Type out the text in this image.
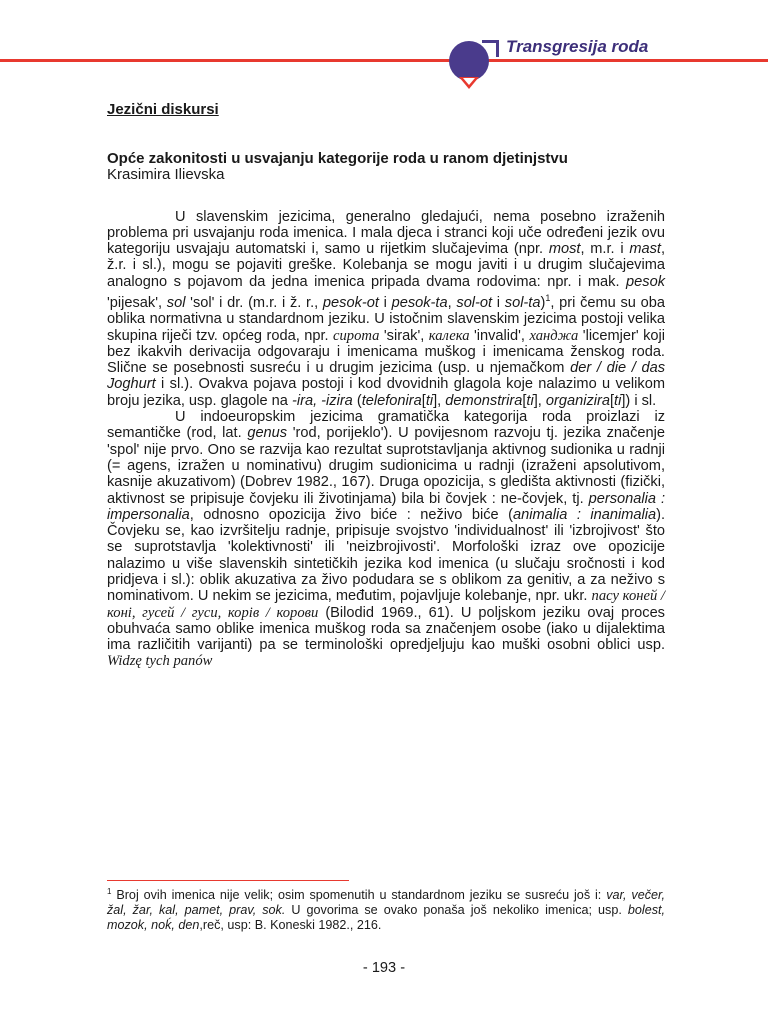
Transgresija roda

Jezični diskursi

Opće zakonitosti u usvajanju kategorije roda u ranom djetinjstvu

Krasimira Ilievska

U slavenskim jezicima, generalno gledajući, nema posebno izraženih problema pri usvajanju roda imenica. I mala djeca i stranci koji uče određeni jezik ovu kategoriju usvajaju automatski i, samo u rijetkim slučajevima (npr. most, m.r. i mast, ž.r. i sl.), mogu se pojaviti greške. Kolebanja se mogu javiti i u drugim slučajevima analogno s pojavom da jedna imenica pripada dvama rodovima: npr. i mak. pesok 'pijesak', sol 'sol' i dr. (m.r. i ž. r., pesok-ot i pesok-ta, sol-ot i sol-ta)$^1$, pri čemu su oba oblika normativna u standardnom jeziku. U istočnim slavenskim jezicima postoji velika skupina riječi tzv. općeg roda, npr. сирота 'sirak', калека 'invalid', ханджа 'licemjer' koji bez ikakvih derivacija odgovaraju i imenicama muškog i imenicama ženskog roda. Slične se posebnosti susreću i u drugim jezicima (usp. u njemačkom der / die / das Joghurt i sl.). Ovakva pojava postoji i kod dvovidnih glagola koje nalazimo u velikom broju jezika, usp. glagole na -ira, -izira (telefonira[ti], demonstrira[ti], organizira[ti]) i sl.

U indoeuropskim jezicima gramatička kategorija roda proizlazi iz semantičke (rod, lat. genus 'rod, porijeklo'). U povijesnom razvoju tj. jezika značenje 'spol' nije prvo. Ono se razvija kao rezultat suprotstavljanja aktivnog sudionika u radnji (= agens, izražen u nominativu) drugim sudionicima u radnji (izraženi apsolutivom, kasnije akuzativom) (Dobrev 1982., 167). Druga opozicija, s gledišta aktivnosti (fizički, aktivnost se pripisuje čovjeku ili životinjama) bila bi čovjek : ne-čovjek, tj. personalia : impersonalia, odnosno opozicija živo biće : neživo biće (animalia : inanimalia). Čovjeku se, kao izvršitelju radnje, pripisuje svojstvo 'individualnost' ili 'izbrojivost' što se suprotstavlja 'kolektivnosti' ili 'neizbrojivosti'. Morfološki izraz ove opozicije nalazimo u više slavenskih sintetičkih jezika kod imenica (u slučaju sročnosti i kod pridjeva i sl.): oblik akuzativa za živo podudara se s oblikom za genitiv, a za neživo s nominativom. U nekim se jezicima, međutim, pojavljuje kolebanje, npr. ukr. пасу коней / коні, гусей / гуси, корів / корови (Bilodid 1969., 61). U poljskom jeziku ovaj proces obuhvaća samo oblike imenica muškog roda sa značenjem osobe (iako u dijalektima ima različitih varijanti) pa se terminološki opredjeljuju kao muški osobni oblici usp. Widzę tych panów

$^1$ Broj ovih imenica nije velik; osim spomenutih u standardnom jeziku se susreću još i: var, večer, žal, žar, kal, pamet, prav, sok. U govorima se ovako ponaša još nekoliko imenica; usp. bolest, mozok, noḱ, den,reč, usp: B. Koneski 1982., 216.
- 193 -
